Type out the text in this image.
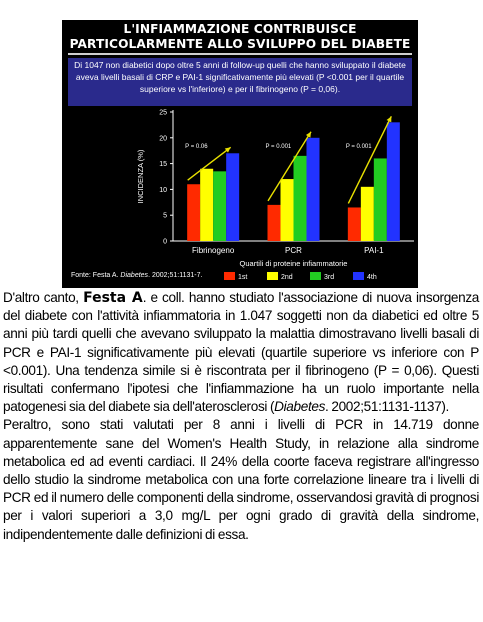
L'INFIAMMAZIONE CONTRIBUISCE
PARTICOLARMENTE ALLO SVILUPPO DEL DIABETE
Di 1047 non diabetici dopo oltre 5 anni di follow-up quelli che hanno sviluppato il diabete aveva livelli basali di CRP e PAI-1 significativamente più elevati (P <0.001 per il quartile superiore vs l'inferiore) e per il fibrinogeno (P = 0,06).
0
5
10
15
20
25
INCIDENZA (%)
P = 0.06
Fibrinogeno
P = 0.001
PCR
P = 0.001
PAI-1
Quartili di proteine infiammatorie
1st	2nd	3rd	4th
Fonte: Festa A. Diabetes. 2002;51:1131-7.

D'altro canto, Festa A. e coll. hanno studiato l'associazione di nuova insorgenza del diabete con l'attività infiammatoria in 1.047 soggetti non da diabetici ed oltre 5 anni più tardi quelli che avevano sviluppato la malattia dimostravano livelli basali di PCR e PAI-1 significativamente più elevati (quartile superiore vs inferiore con P <0.001). Una tendenza simile si è riscontrata per il fibrinogeno (P = 0,06). Questi risultati confermano l'ipotesi che l'infiammazione ha un ruolo importante nella patogenesi sia del diabete sia dell'aterosclerosi (Diabetes. 2002;51:1131-1137).

Peraltro, sono stati valutati per 8 anni i livelli di PCR in 14.719 donne apparentemente sane del Women's Health Study, in relazione alla sindrome metabolica ed ad eventi cardiaci. Il 24% della coorte faceva registrare all'ingresso dello studio la sindrome metabolica con una forte correlazione lineare tra i livelli di PCR ed il numero delle componenti della sindrome, osservandosi gravità di prognosi per i valori superiori a 3,0 mg/L per ogni grado di gravità della sindrome, indipendentemente dalle definizioni di essa.
